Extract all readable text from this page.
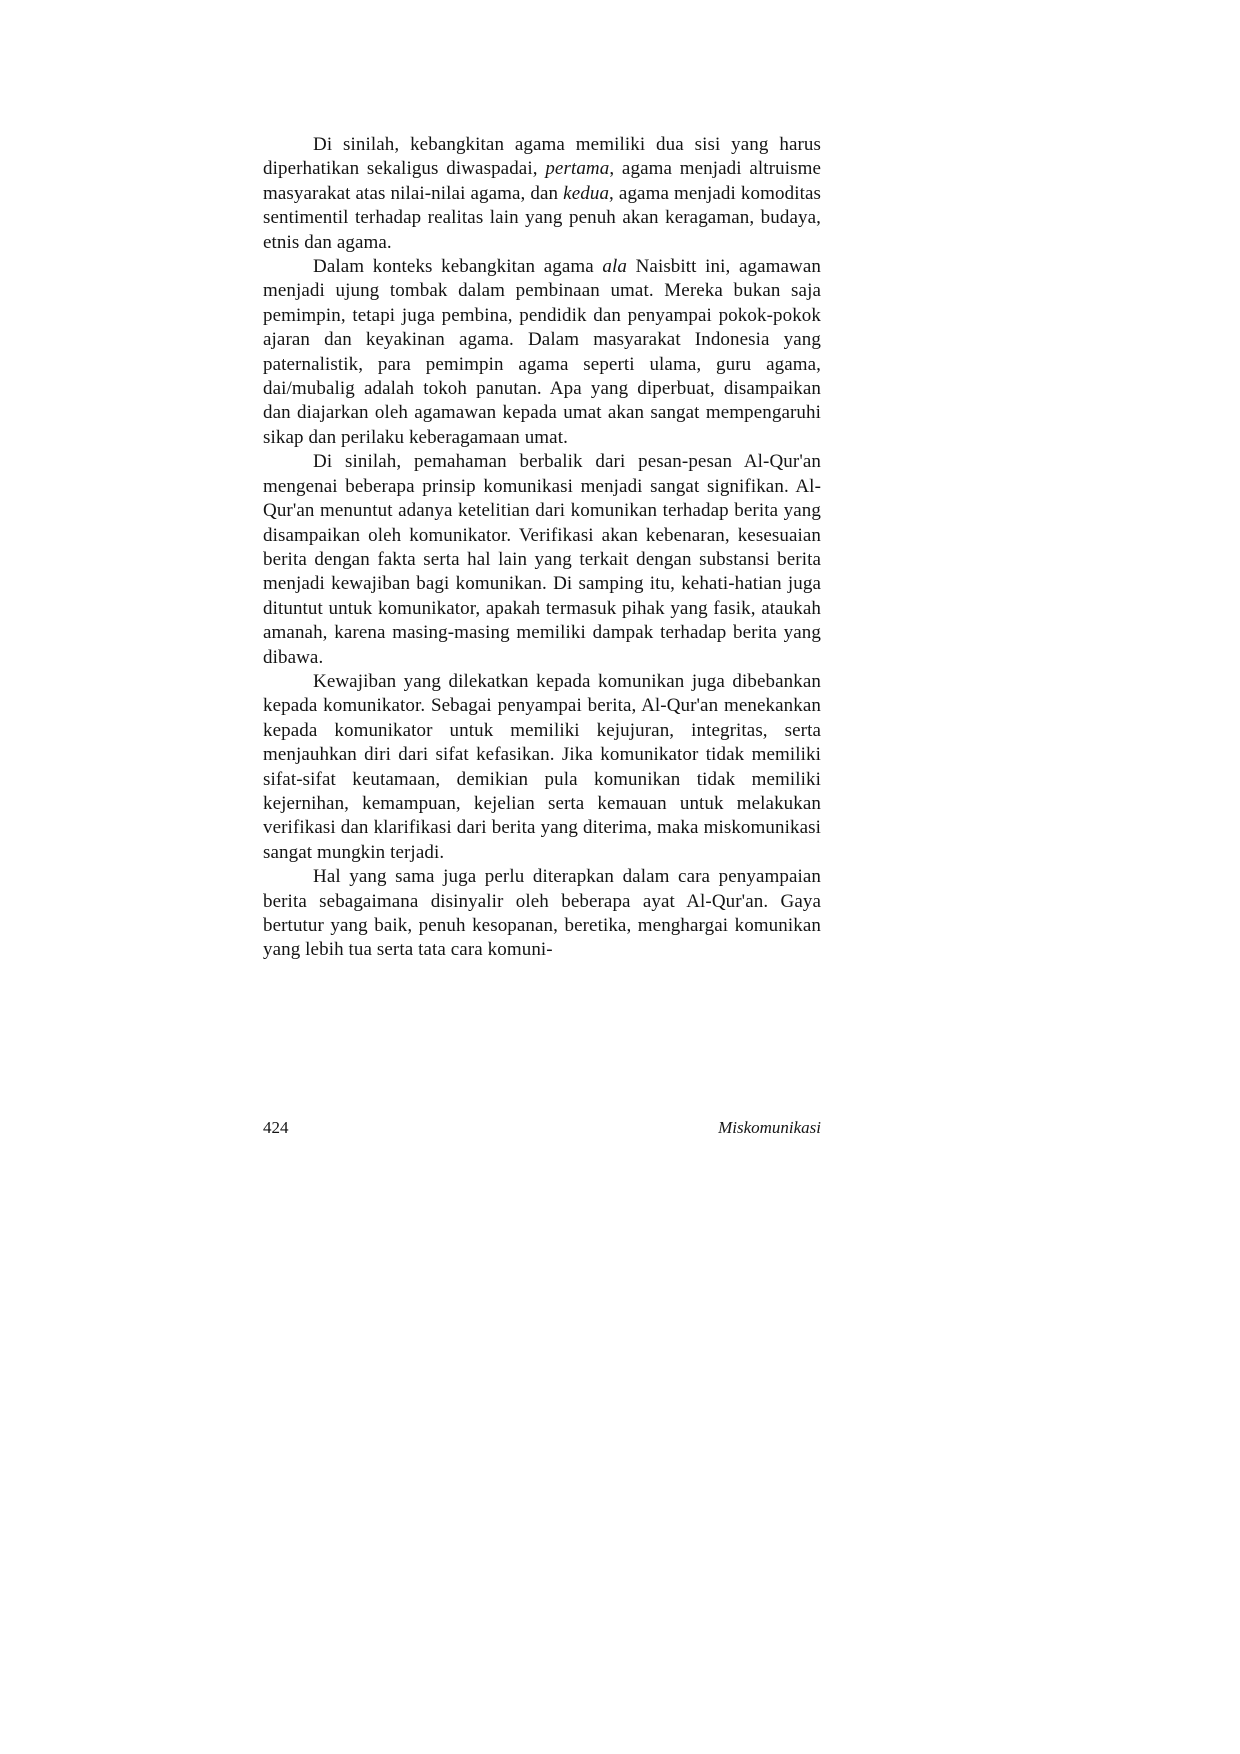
Di sinilah, kebangkitan agama memiliki dua sisi yang harus diperhatikan sekaligus diwaspadai, pertama, agama menjadi altruisme masyarakat atas nilai-nilai agama, dan kedua, agama menjadi komoditas sentimentil terhadap realitas lain yang penuh akan keragaman, budaya, etnis dan agama.

Dalam konteks kebangkitan agama ala Naisbitt ini, agamawan menjadi ujung tombak dalam pembinaan umat. Mereka bukan saja pemimpin, tetapi juga pembina, pendidik dan penyampai pokok-pokok ajaran dan keyakinan agama. Dalam masyarakat Indonesia yang paternalistik, para pemimpin agama seperti ulama, guru agama, dai/mubalig adalah tokoh panutan. Apa yang diperbuat, disampaikan dan diajarkan oleh agamawan kepada umat akan sangat mempengaruhi sikap dan perilaku keberagamaan umat.

Di sinilah, pemahaman berbalik dari pesan-pesan Al-Qur'an mengenai beberapa prinsip komunikasi menjadi sangat signifikan. Al-Qur'an menuntut adanya ketelitian dari komunikan terhadap berita yang disampaikan oleh komunikator. Verifikasi akan kebenaran, kesesuaian berita dengan fakta serta hal lain yang terkait dengan substansi berita menjadi kewajiban bagi komunikan. Di samping itu, kehati-hatian juga dituntut untuk komunikator, apakah termasuk pihak yang fasik, ataukah amanah, karena masing-masing memiliki dampak terhadap berita yang dibawa.

Kewajiban yang dilekatkan kepada komunikan juga dibebankan kepada komunikator. Sebagai penyampai berita, Al-Qur'an menekankan kepada komunikator untuk memiliki kejujuran, integritas, serta menjauhkan diri dari sifat kefasikan. Jika komunikator tidak memiliki sifat-sifat keutamaan, demikian pula komunikan tidak memiliki kejernihan, kemampuan, kejelian serta kemauan untuk melakukan verifikasi dan klarifikasi dari berita yang diterima, maka miskomunikasi sangat mungkin terjadi.

Hal yang sama juga perlu diterapkan dalam cara penyampaian berita sebagaimana disinyalir oleh beberapa ayat Al-Qur'an. Gaya bertutur yang baik, penuh kesopanan, beretika, menghargai komunikan yang lebih tua serta tata cara komuni-

424	Miskomunikasi
